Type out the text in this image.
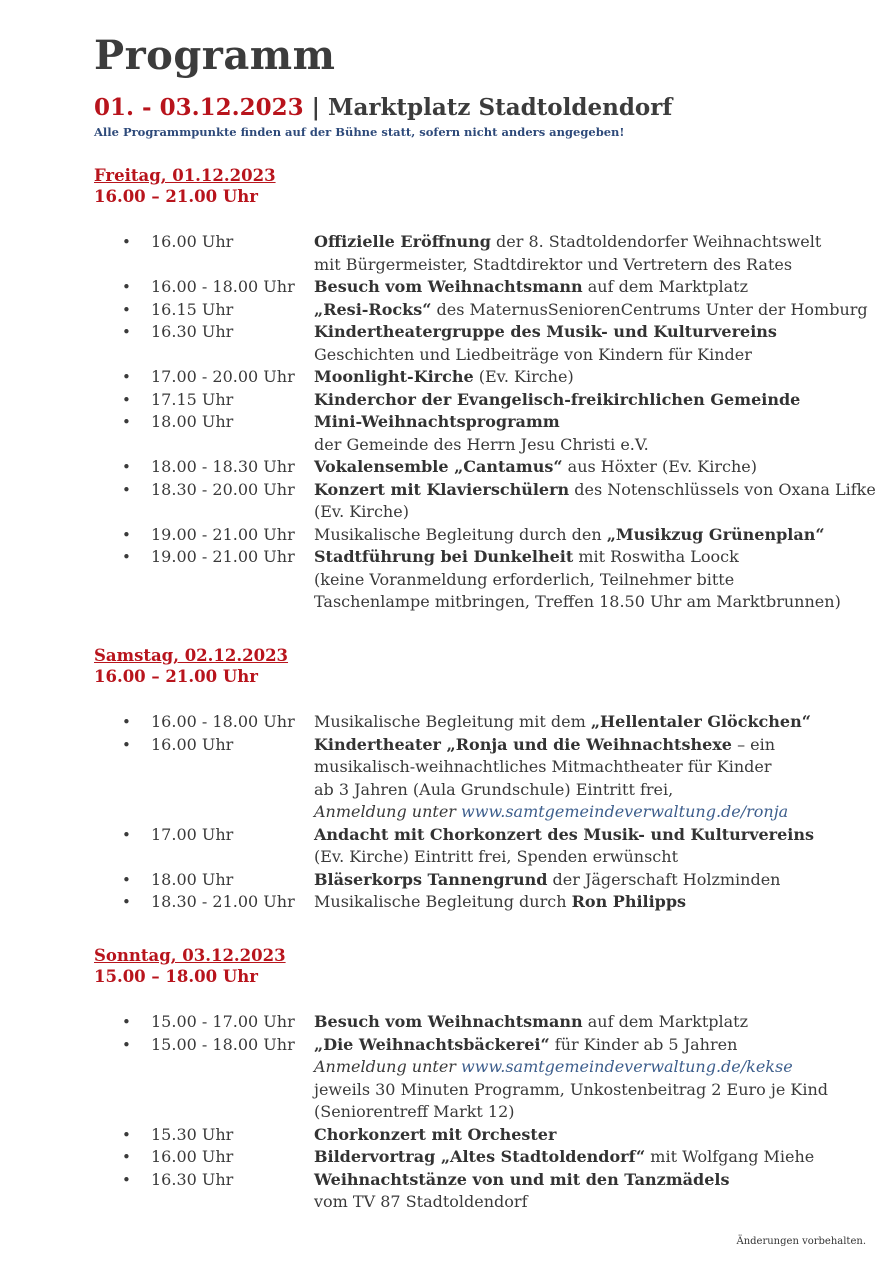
Programm
01. - 03.12.2023 | Marktplatz Stadtoldendorf
Alle Programmpunkte finden auf der Bühne statt, sofern nicht anders angegeben!
Freitag, 01.12.2023
16.00 – 21.00 Uhr
• 16.00 Uhr	Offizielle Eröffnung der 8. Stadtoldendorfer Weihnachtswelt
mit Bürgermeister, Stadtdirektor und Vertretern des Rates
• 16.00 - 18.00 Uhr Besuch vom Weihnachtsmann auf dem Marktplatz
• 16.15 Uhr	„Resi-Rocks“ des MaternusSeniorenCentrums Unter der Homburg
• 16.30 Uhr	Kindertheatergruppe des Musik- und Kulturvereins
Geschichten und Liedbeiträge von Kindern für Kinder
• 17.00 - 20.00 Uhr Moonlight-Kirche (Ev. Kirche)
• 17.15 Uhr	Kinderchor der Evangelisch-freikirchlichen Gemeinde
• 18.00 Uhr	Mini-Weihnachtsprogramm
der Gemeinde des Herrn Jesu Christi e.V.
• 18.00 - 18.30 Uhr Vokalensemble „Cantamus“ aus Höxter (Ev. Kirche)
• 18.30 - 20.00 Uhr Konzert mit Klavierschülern des Notenschlüssels von Oxana Lifke
(Ev. Kirche)
• 19.00 - 21.00 Uhr Musikalische Begleitung durch den „Musikzug Grünenplan“
• 19.00 - 21.00 Uhr Stadtführung bei Dunkelheit mit Roswitha Loock
(keine Voranmeldung erforderlich, Teilnehmer bitte
Taschenlampe mitbringen, Treffen 18.50 Uhr am Marktbrunnen)
Samstag, 02.12.2023
16.00 – 21.00 Uhr
• 16.00 - 18.00 Uhr Musikalische Begleitung mit dem „Hellentaler Glöckchen“
• 16.00 Uhr	Kindertheater „Ronja und die Weihnachtshexe – ein
musikalisch-weihnachtliches Mitmachtheater für Kinder
ab 3 Jahren (Aula Grundschule) Eintritt frei,
Anmeldung unter www.samtgemeindeverwaltung.de/ronja
• 17.00 Uhr	Andacht mit Chorkonzert des Musik- und Kulturvereins
(Ev. Kirche) Eintritt frei, Spenden erwünscht
• 18.00 Uhr	Bläserkorps Tannengrund der Jägerschaft Holzminden
• 18.30 - 21.00 Uhr Musikalische Begleitung durch Ron Philipps
Sonntag, 03.12.2023
15.00 – 18.00 Uhr
• 15.00 - 17.00 Uhr Besuch vom Weihnachtsmann auf dem Marktplatz
• 15.00 - 18.00 Uhr „Die Weihnachtsbäckerei“ für Kinder ab 5 Jahren
Anmeldung unter www.samtgemeindeverwaltung.de/kekse
jeweils 30 Minuten Programm, Unkostenbeitrag 2 Euro je Kind
(Seniorentreff Markt 12)
• 15.30 Uhr	Chorkonzert mit Orchester
• 16.00 Uhr	Bildervortrag „Altes Stadtoldendorf“ mit Wolfgang Miehe
• 16.30 Uhr	Weihnachtstänze von und mit den Tanzmädels
vom TV 87 Stadtoldendorf
Änderungen vorbehalten.
